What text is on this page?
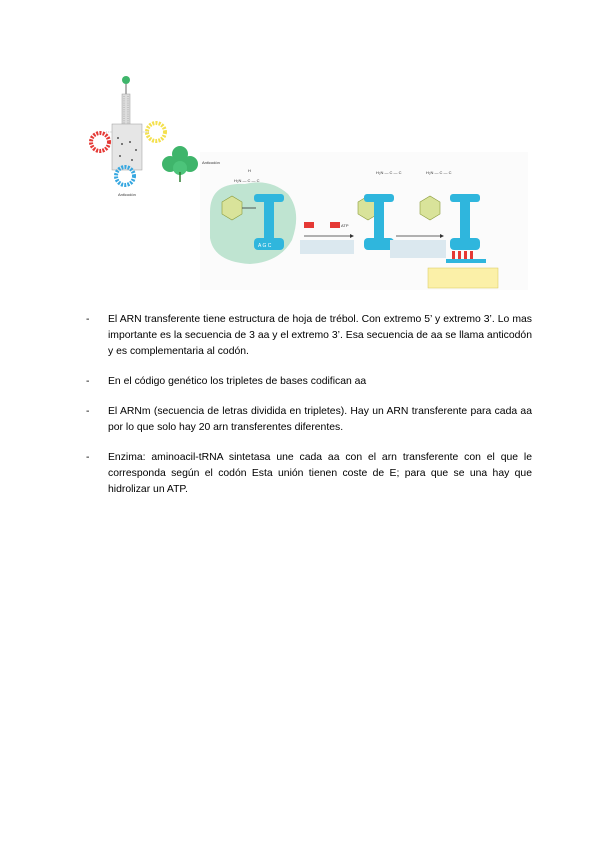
Anticodón
H
H₂N — C — C
A G C
Anticodón
ATP
H₂N — C — C	H₂N — C — C
- El ARN transferente tiene estructura de hoja de trébol. Con extremo 5’ y extremo 3’. Lo mas importante es la secuencia de 3 aa y el extremo 3’. Esa secuencia de aa se llama anticodón y es complementaria al codón.
- En el código genético los tripletes de bases codifican aa
- El ARNm (secuencia de letras dividida en tripletes). Hay un ARN transferente para cada aa por lo que solo hay 20 arn transferentes diferentes.
- Enzima: aminoacil-tRNA sintetasa une cada aa con el arn transferente con el que le corresponda según el codón Esta unión tienen coste de E; para que se una hay que hidrolizar un ATP.
